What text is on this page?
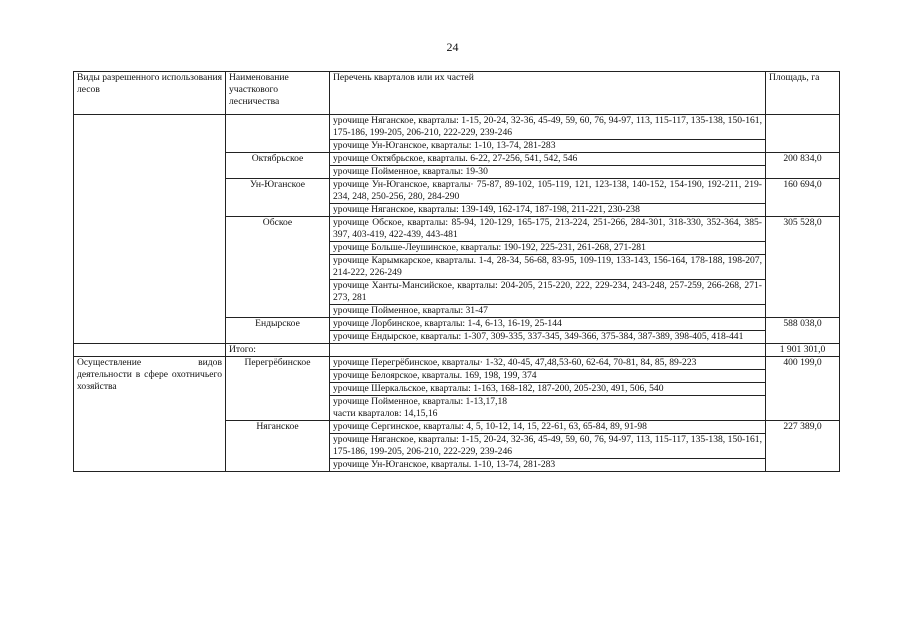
24
Виды разрешенного использования лесов	Наименование участкового лесничества	Перечень кварталов или их частей	Площадь, га
		урочище Няганское, кварталы: 1-15, 20-24, 32-36, 45-49, 59, 60, 76, 94-97, 113, 115-117, 135-138, 150-161, 175-186, 199-205, 206-210, 222-229, 239-246	
		урочище Ун-Юганское, кварталы: 1-10, 13-74, 281-283	
	Октябрьское	урочище Октябрьское, кварталы. 6-22, 27-256, 541, 542, 546	200 834,0
		урочище Пойменное, кварталы: 19-30	
	Ун-Юганское	урочище Ун-Юганское, кварталы· 75-87, 89-102, 105-119, 121, 123-138, 140-152, 154-190, 192-211, 219-234, 248, 250-256, 280, 284-290	160 694,0
		урочище Няганское, кварталы: 139-149, 162-174, 187-198, 211-221, 230-238	
	Обское	урочище Обское, кварталы: 85-94, 120-129, 165-175, 213-224, 251-266, 284-301, 318-330, 352-364, 385-397, 403-419, 422-439, 443-481	305 528,0
		урочище Больше-Леушинское, кварталы: 190-192, 225-231, 261-268, 271-281	
		урочище Карымкарское, кварталы. 1-4, 28-34, 56-68, 83-95, 109-119, 133-143, 156-164, 178-188, 198-207, 214-222, 226-249	
		урочище Ханты-Мансийское, кварталы: 204-205, 215-220, 222, 229-234, 243-248, 257-259, 266-268, 271-273, 281	
		урочище Пойменное, кварталы: 31-47	
	Ендырское	урочище Лорбинское, кварталы: 1-4, 6-13, 16-19, 25-144	588 038,0
		урочище Ендырское, кварталы: 1-307, 309-335, 337-345, 349-366, 375-384, 387-389, 398-405, 418-441	
	Итого:		1 901 301,0
Осуществление видов деятельности в сфере охотничьего хозяйства	Перегрёбинское	урочище Перегрёбинское, кварталы· 1-32, 40-45, 47,48,53-60, 62-64, 70-81, 84, 85, 89-223	400 199,0
		урочище Белоярское, кварталы. 169, 198, 199, 374	
		урочище Шеркальское, кварталы: 1-163, 168-182, 187-200, 205-230, 491, 506, 540	
		урочище Пойменное, кварталы: 1-13,17,18
части кварталов: 14,15,16	
	Няганское	урочище Сергинское, кварталы: 4, 5, 10-12, 14, 15, 22-61, 63, 65-84, 89, 91-98	227 389,0
		урочище Няганское, кварталы: 1-15, 20-24, 32-36, 45-49, 59, 60, 76, 94-97, 113, 115-117, 135-138, 150-161, 175-186, 199-205, 206-210, 222-229, 239-246	
		урочище Ун-Юганское, кварталы. 1-10, 13-74, 281-283	
